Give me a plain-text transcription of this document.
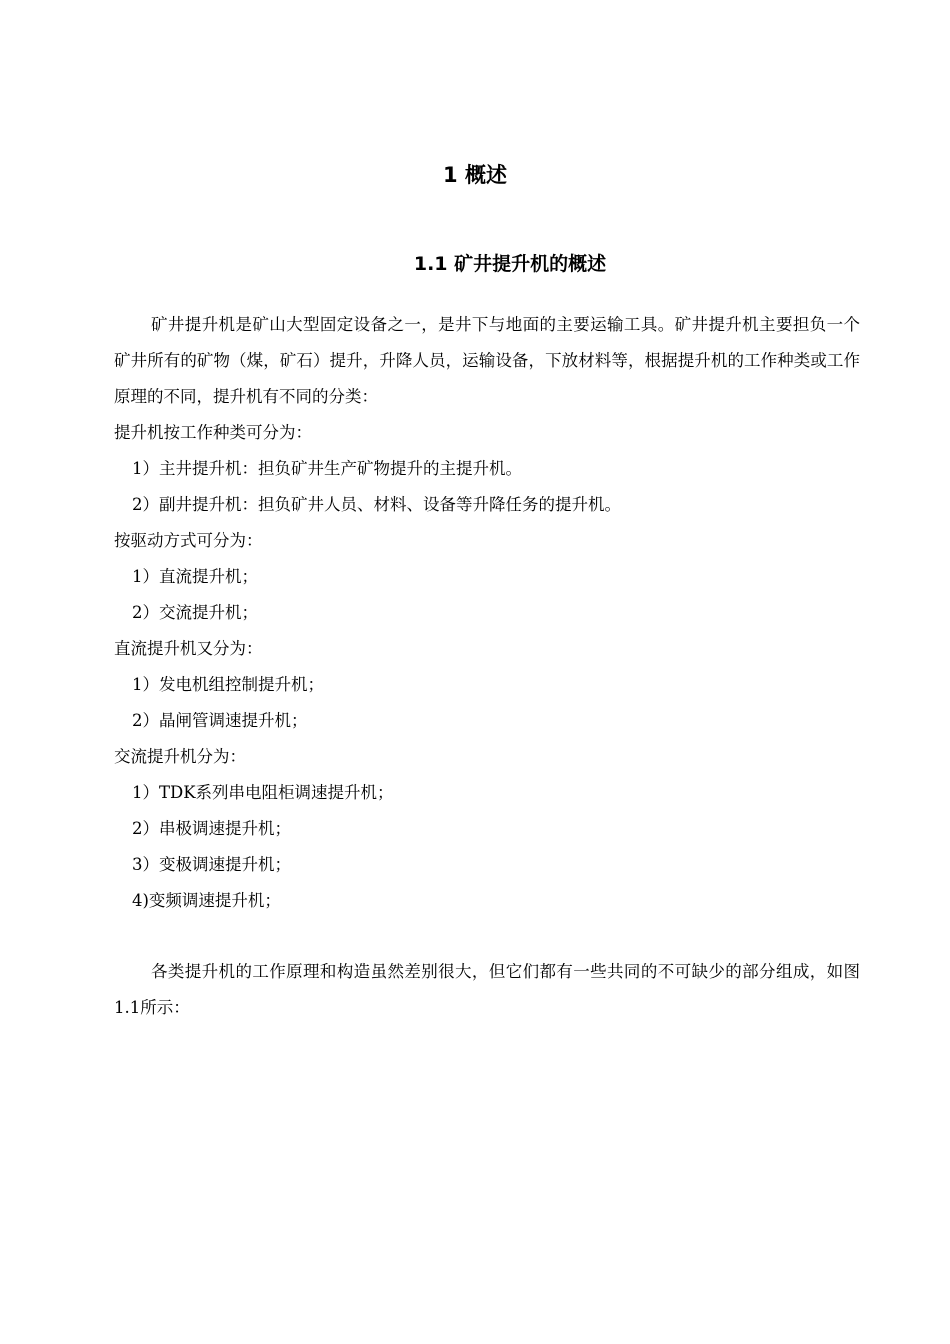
1 概述
1.1 矿井提升机的概述

矿井提升机是矿山大型固定设备之一，是井下与地面的主要运输工具。矿井提升机主要担负一个矿井所有的矿物（煤，矿石）提升，升降人员，运输设备，下放材料等，根据提升机的工作种类或工作原理的不同，提升机有不同的分类：

提升机按工作种类可分为：

1）主井提升机：担负矿井生产矿物提升的主提升机。

2）副井提升机：担负矿井人员、材料、设备等升降任务的提升机。

按驱动方式可分为：

1）直流提升机；

2）交流提升机；

直流提升机又分为：

1）发电机组控制提升机；

2）晶闸管调速提升机；

交流提升机分为：

1）TDK系列串电阻柜调速提升机；

2）串极调速提升机；

3）变极调速提升机；

4)变频调速提升机；

各类提升机的工作原理和构造虽然差别很大，但它们都有一些共同的不可缺少的部分组成，如图1.1所示：
